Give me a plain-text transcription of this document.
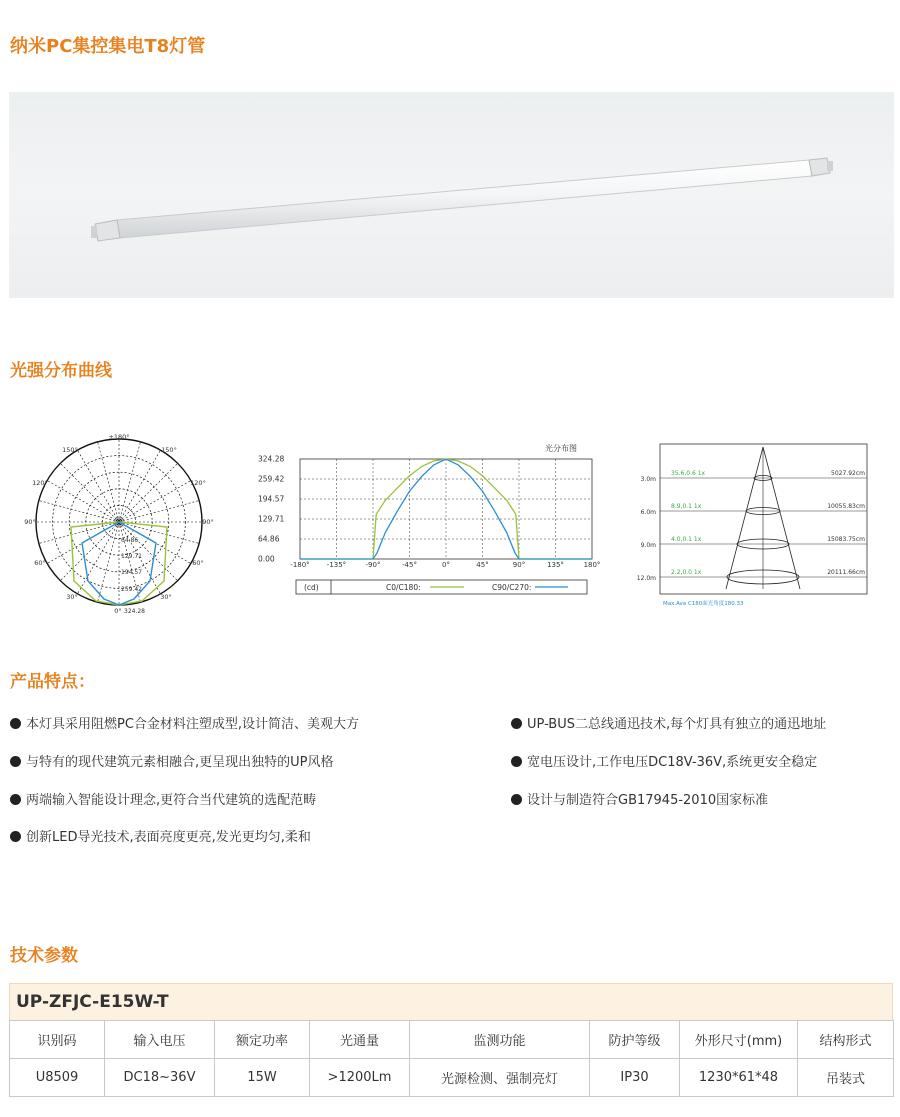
纳米PC集控集电T8灯管
光强分布曲线
±180°
150°	150°
120°	120°
90°	90°
60°	60°
30°	30°
0°
64.86
129.71
194.57
259.42
324.28
光分布图
324.28
259.42
194.57
129.71
64.86
0.00
-180° -135°	-90°	-45°	0°	45°	90°	135°	180°
(cd)	C0/C180:	C90/C270:
3.0m
35.6,0.6 1x	5027.92cm
6.0m
8.9,0.1 1x	10055.83cm
9.0m
4.0,0.1 1x	15083.75cm
12.0m
2.2,0.0 1x	20111.66cm
Max.Ave C180面光角度180.33
产品特点：
本灯具采用阻燃PC合金材料注塑成型,设计简洁、美观大方
与特有的现代建筑元素相融合,更呈现出独特的UP风格
两端输入智能设计理念,更符合当代建筑的选配范畴
创新LED导光技术,表面亮度更亮,发光更均匀,柔和
UP-BUS二总线通迅技术,每个灯具有独立的通迅地址
宽电压设计,工作电压DC18V-36V,系统更安全稳定
设计与制造符合GB17945-2010国家标准
技术参数
UP-ZFJC-E15W-T
识别码	输入电压	额定功率	光通量	监测功能	防护等级	外形尺寸(mm)	结构形式
U8509	DC18~36V	15W	>1200Lm	光源检测、强制亮灯	IP30	1230*61*48	吊装式
